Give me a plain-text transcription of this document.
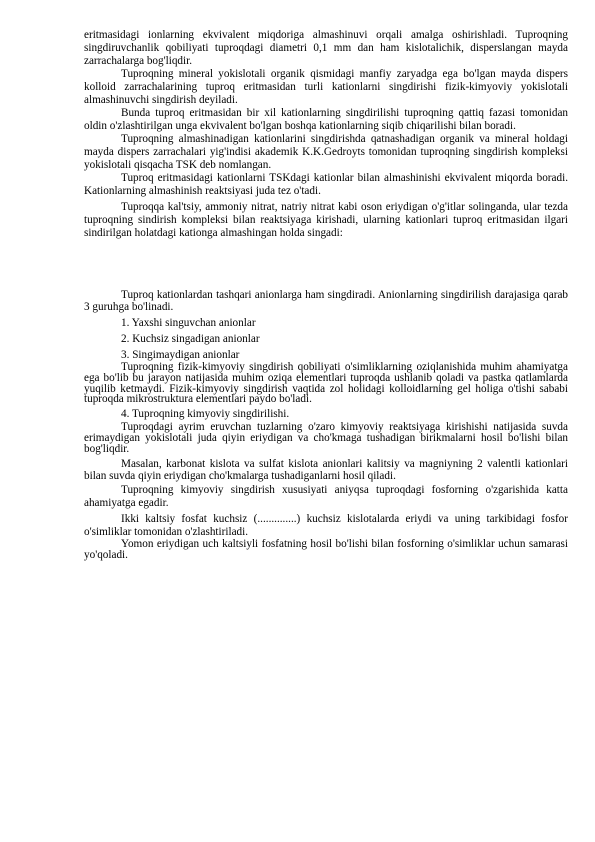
eritmasidagi ionlarning ekvivalent miqdoriga almashinuvi orqali amalga oshirishladi. Tuproqning singdiruvchanlik qobiliyati tuproqdagi diametri 0,1 mm dan ham kislotalichik, disperslangan mayda zarrachalarga bog'liqdir.

Tuproqning mineral yokislotali organik qismidagi manfiy zaryadga ega bo'lgan mayda dispers kolloid zarrachalarining tuproq eritmasidan turli kationlarni singdirishi fizik-kimyoviy yokislotali almashinuvchi singdirish deyiladi.

Bunda tuproq eritmasidan bir xil kationlarning singdirilishi tuproqning qattiq fazasi tomonidan oldin o'zlashtirilgan unga ekvivalent bo'lgan boshqa kationlarning siqib chiqarilishi bilan boradi.

Tuproqning almashinadigan kationlarini singdirishda qatnashadigan organik va mineral holdagi mayda dispers zarrachalari yig'indisi akademik K.K.Gedroyts tomonidan tuproqning singdirish kompleksi yokislotali qisqacha TSK deb nomlangan.

Tuproq eritmasidagi kationlarni TSKdagi kationlar bilan almashinishi ekvivalent miqorda boradi. Kationlarning almashinish reaktsiyasi juda tez o'tadi.

Tuproqqa kal'tsiy, ammoniy nitrat, natriy nitrat kabi oson eriydigan o'g'itlar solinganda, ular tezda tuproqning sindirish kompleksi bilan reaktsiyaga kirishadi, ularning kationlari tuproq eritmasidan ilgari sindirilgan holatdagi kationga almashingan holda singadi:

Tuproq kationlardan tashqari anionlarga ham singdiradi. Anionlarning singdirilish darajasiga qarab 3 guruhga bo'linadi.

1. Yaxshi singuvchan anionlar

2. Kuchsiz singadigan anionlar

3. Singimaydigan anionlar

Tuproqning fizik-kimyoviy singdirish qobiliyati o'simliklarning oziqlanishida muhim ahamiyatga ega bo'lib bu jarayon natijasida muhim oziqa elementlari tuproqda ushlanib qoladi va pastka qatlamlarda yuqilib ketmaydi. Fizik-kimyoviy singdirish vaqtida zol holidagi kolloidlarning gel holiga o'tishi sababi tuproqda mikrostruktura elementlari paydo bo'ladi.

4. Tuproqning kimyoviy singdirilishi.

Tuproqdagi ayrim eruvchan tuzlarning o'zaro kimyoviy reaktsiyaga kirishishi natijasida suvda erimaydigan yokislotali juda qiyin eriydigan va cho'kmaga tushadigan birikmalarni hosil bo'lishi bilan bog'liqdir.

Masalan, karbonat kislota va sulfat kislota anionlari kalitsiy va magniyning 2 valentli kationlari bilan suvda qiyin eriydigan cho'kmalarga tushadiganlarni hosil qiladi.

Tuproqning kimyoviy singdirish xususiyati aniyqsa tuproqdagi fosforning o'zgarishida katta ahamiyatga egadir.

Ikki kaltsiy fosfat kuchsiz (..............) kuchsiz kislotalarda eriydi va uning tarkibidagi fosfor o'simliklar tomonidan o'zlashtiriladi.

Yomon eriydigan uch kaltsiyli fosfatning hosil bo'lishi bilan fosforning o'simliklar uchun samarasi yo'qoladi.
